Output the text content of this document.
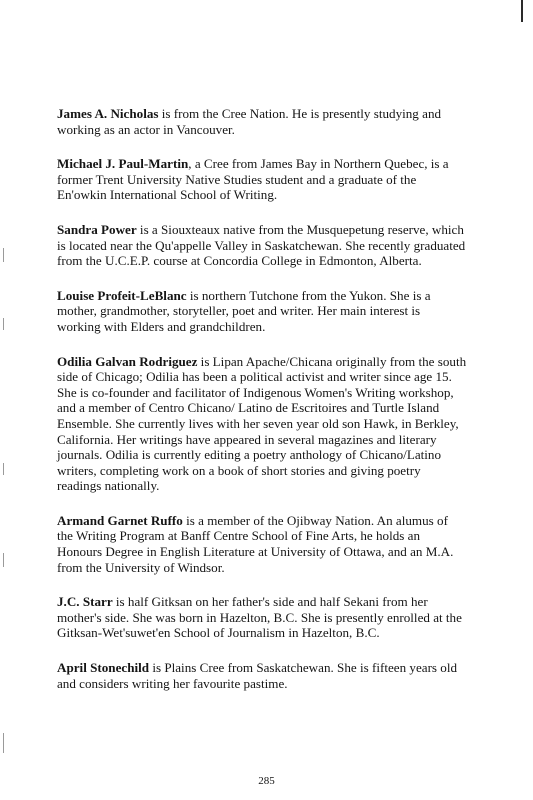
James A. Nicholas is from the Cree Nation. He is presently studying and working as an actor in Vancouver.

Michael J. Paul-Martin, a Cree from James Bay in Northern Quebec, is a former Trent University Native Studies student and a graduate of the En'owkin International School of Writing.

Sandra Power is a Siouxteaux native from the Musquepetung reserve, which is located near the Qu'appelle Valley in Saskatchewan. She recently graduated from the U.C.E.P. course at Concordia College in Edmonton, Alberta.

Louise Profeit-LeBlanc is northern Tutchone from the Yukon. She is a mother, grandmother, storyteller, poet and writer. Her main interest is working with Elders and grandchildren.

Odilia Galvan Rodriguez is Lipan Apache/Chicana originally from the south side of Chicago; Odilia has been a political activist and writer since age 15. She is co-founder and facilitator of Indigenous Women's Writing workshop, and a member of Centro Chicano/ Latino de Escritoires and Turtle Island Ensemble. She currently lives with her seven year old son Hawk, in Berkley, California. Her writings have appeared in several magazines and literary journals. Odilia is currently editing a poetry anthology of Chicano/Latino writers, completing work on a book of short stories and giving poetry readings nationally.

Armand Garnet Ruffo is a member of the Ojibway Nation. An alumus of the Writing Program at Banff Centre School of Fine Arts, he holds an Honours Degree in English Literature at University of Ottawa, and an M.A. from the University of Windsor.

J.C. Starr is half Gitksan on her father's side and half Sekani from her mother's side. She was born in Hazelton, B.C. She is presently enrolled at the Gitksan-Wet'suwet'en School of Journalism in Hazelton, B.C.

April Stonechild is Plains Cree from Saskatchewan. She is fifteen years old and considers writing her favourite pastime.

285
